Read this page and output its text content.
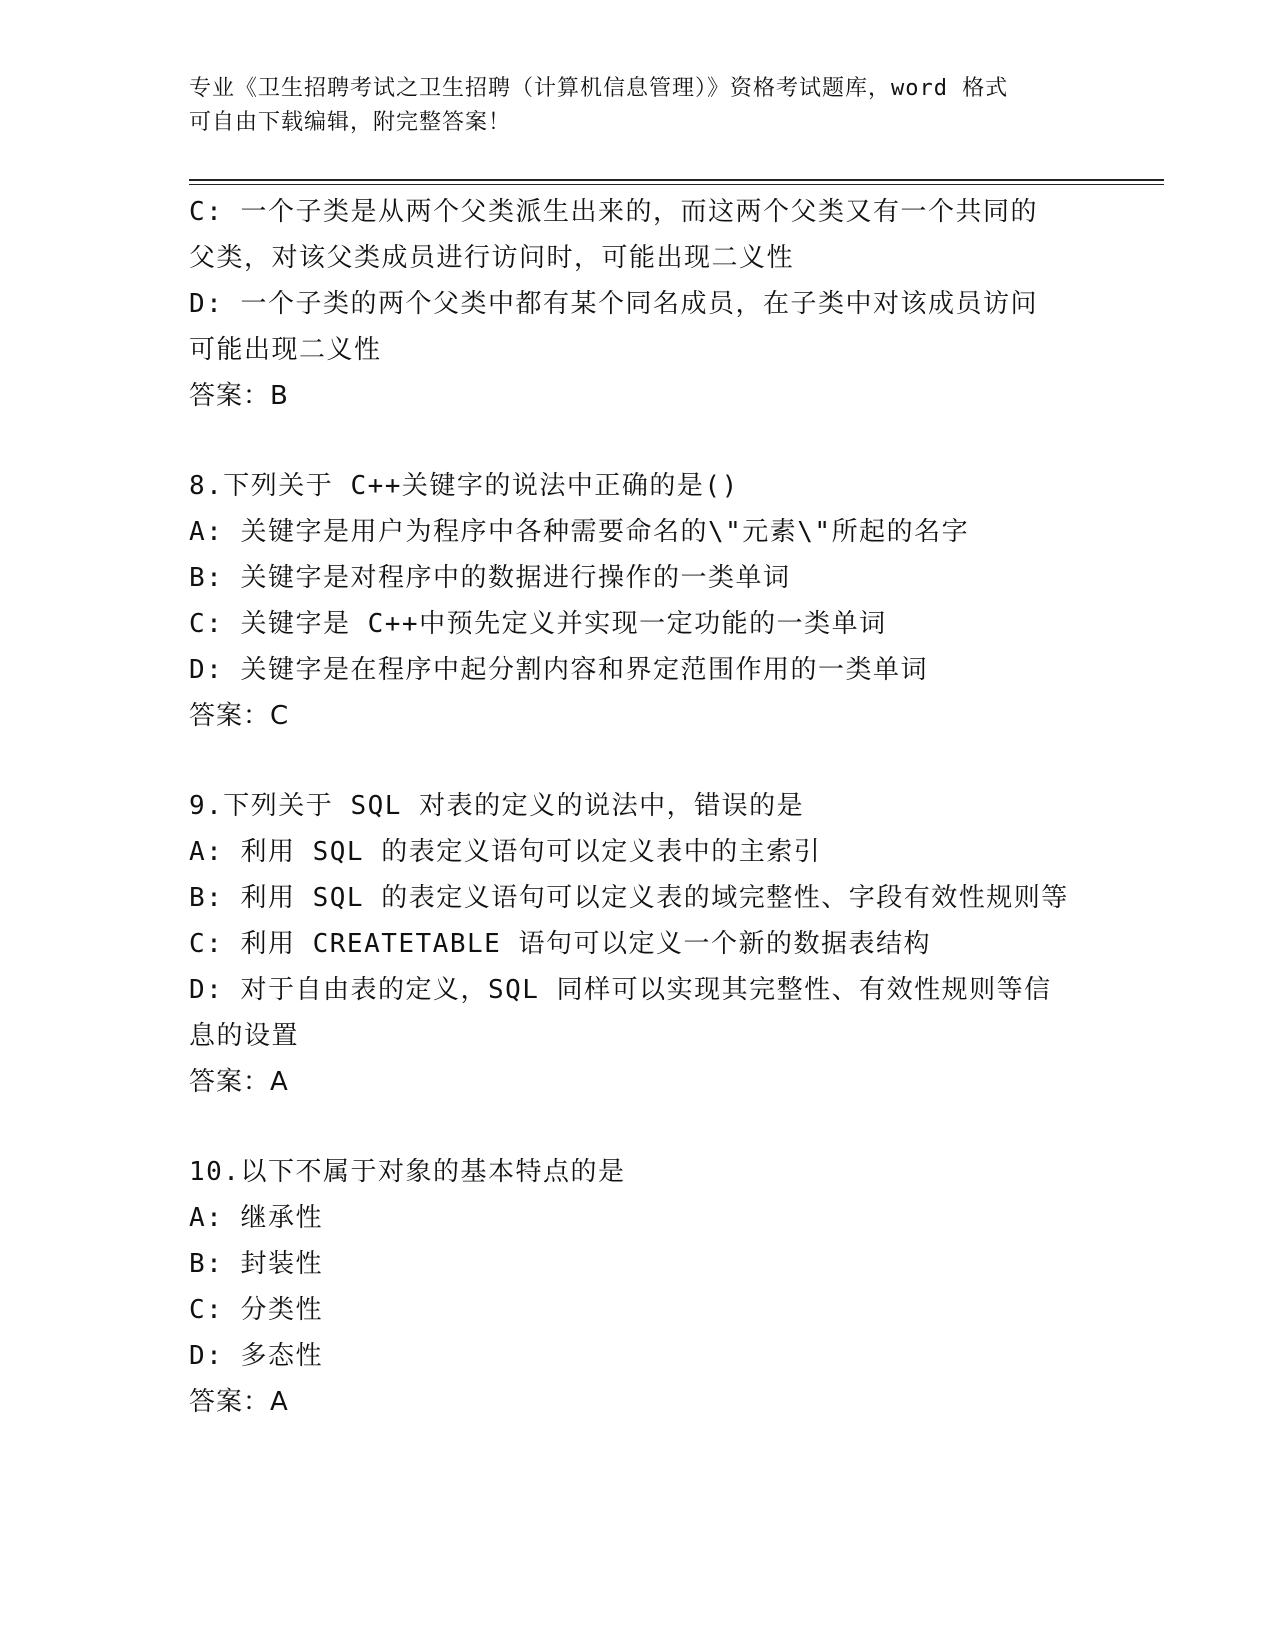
专业《卫生招聘考试之卫生招聘（计算机信息管理）》资格考试题库，word 格式
可自由下载编辑，附完整答案！
C: 一个子类是从两个父类派生出来的，而这两个父类又有一个共同的
父类，对该父类成员进行访问时，可能出现二义性
D: 一个子类的两个父类中都有某个同名成员，在子类中对该成员访问
可能出现二义性
答案：B
8.下列关于 C++关键字的说法中正确的是()
A: 关键字是用户为程序中各种需要命名的\"元素\"所起的名字
B: 关键字是对程序中的数据进行操作的一类单词
C: 关键字是 C++中预先定义并实现一定功能的一类单词
D: 关键字是在程序中起分割内容和界定范围作用的一类单词
答案：C
9.下列关于 SQL 对表的定义的说法中，错误的是
A: 利用 SQL 的表定义语句可以定义表中的主索引
B: 利用 SQL 的表定义语句可以定义表的域完整性、字段有效性规则等
C: 利用 CREATETABLE 语句可以定义一个新的数据表结构
D: 对于自由表的定义，SQL 同样可以实现其完整性、有效性规则等信
息的设置
答案：A
10.以下不属于对象的基本特点的是
A: 继承性
B: 封装性
C: 分类性
D: 多态性
答案：A
